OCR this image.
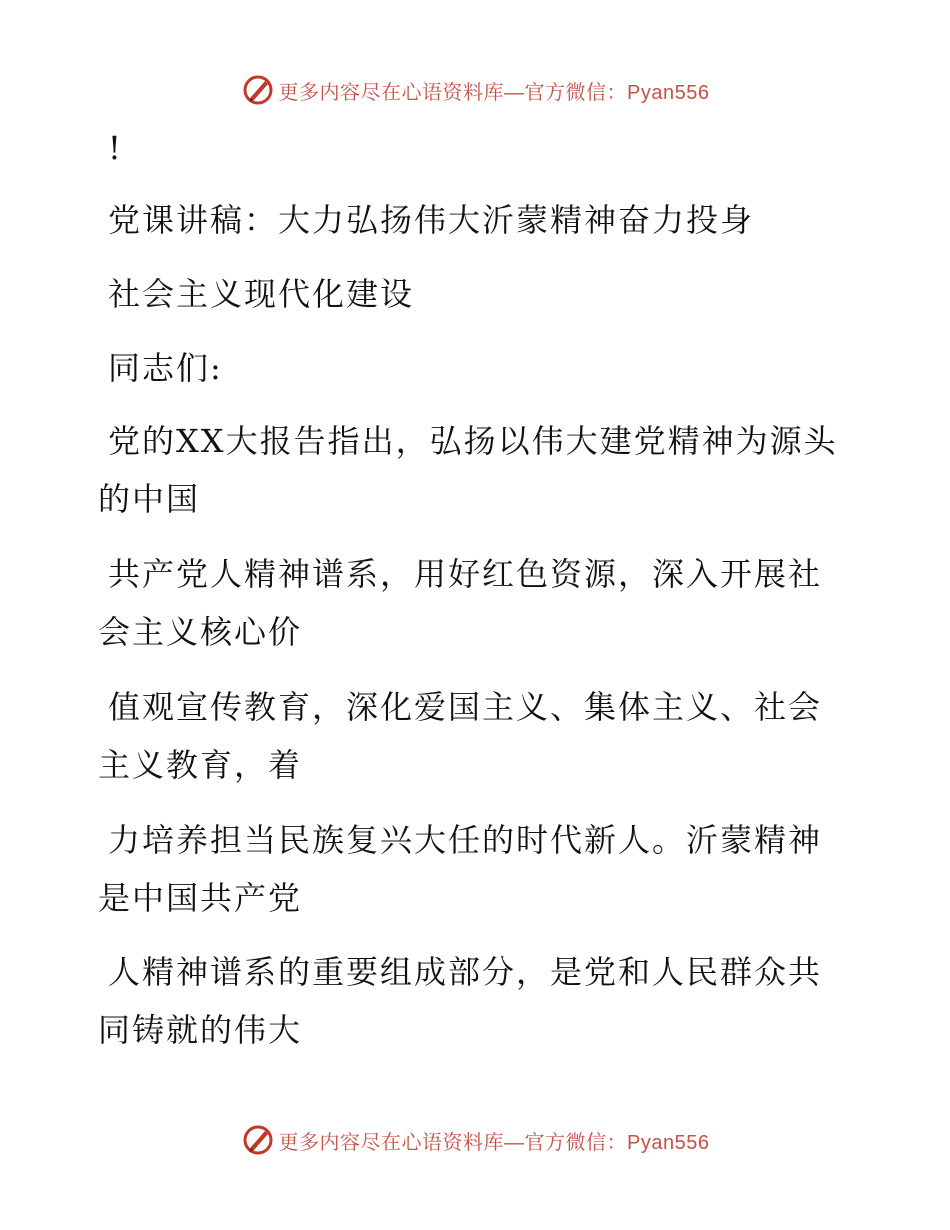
更多内容尽在心语资料库—官方微信：Pyan556
!
党课讲稿：大力弘扬伟大沂蒙精神奋力投身
社会主义现代化建设
同志们:
党的XX大报告指出，弘扬以伟大建党精神为源头
的中国
共产党人精神谱系，用好红色资源，深入开展社
会主义核心价
值观宣传教育，深化爱国主义、集体主义、社会
主义教育，着
力培养担当民族复兴大任的时代新人。沂蒙精神
是中国共产党
人精神谱系的重要组成部分，是党和人民群众共
同铸就的伟大
更多内容尽在心语资料库—官方微信：Pyan556
